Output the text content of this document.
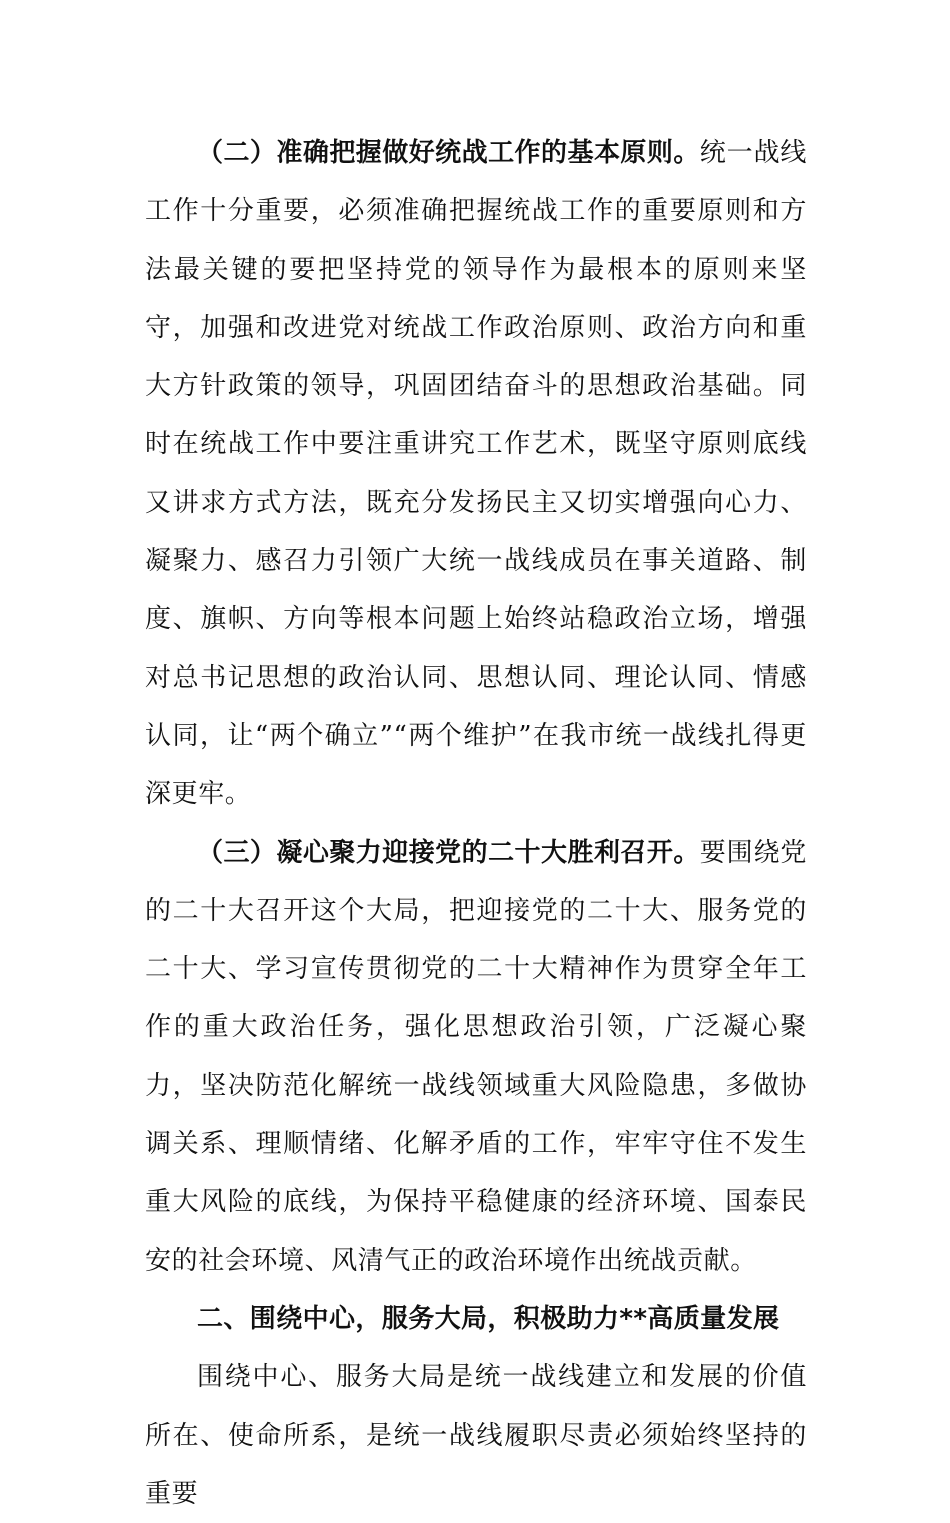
（二）准确把握做好统战工作的基本原则。统一战线工作十分重要，必须准确把握统战工作的重要原则和方法最关键的要把坚持党的领导作为最根本的原则来坚守，加强和改进党对统战工作政治原则、政治方向和重大方针政策的领导，巩固团结奋斗的思想政治基础。同时在统战工作中要注重讲究工作艺术，既坚守原则底线又讲求方式方法，既充分发扬民主又切实增强向心力、凝聚力、感召力引领广大统一战线成员在事关道路、制度、旗帜、方向等根本问题上始终站稳政治立场，增强对总书记思想的政治认同、思想认同、理论认同、情感认同，让“两个确立”“两个维护”在我市统一战线扎得更深更牢。

（三）凝心聚力迎接党的二十大胜利召开。要围绕党的二十大召开这个大局，把迎接党的二十大、服务党的二十大、学习宣传贯彻党的二十大精神作为贯穿全年工作的重大政治任务，强化思想政治引领，广泛凝心聚力，坚决防范化解统一战线领域重大风险隐患，多做协调关系、理顺情绪、化解矛盾的工作，牢牢守住不发生重大风险的底线，为保持平稳健康的经济环境、国泰民安的社会环境、风清气正的政治环境作出统战贡献。

二、围绕中心，服务大局，积极助力**高质量发展

围绕中心、服务大局是统一战线建立和发展的价值所在、使命所系，是统一战线履职尽责必须始终坚持的重要
